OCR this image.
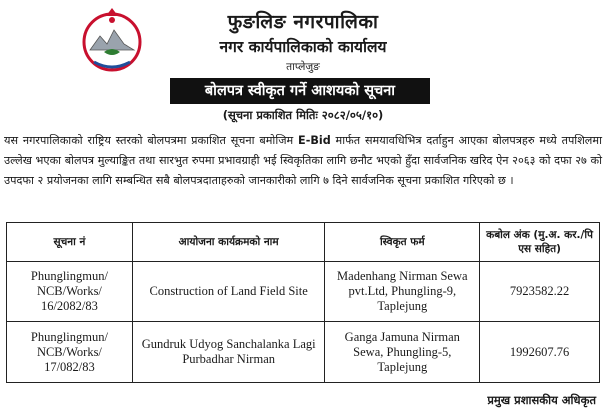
फुङलिङ नगरपालिका
नगर कार्यपालिकाको कार्यालय
ताप्लेजुङ
बोलपत्र स्वीकृत गर्ने आशयको सूचना
(सूचना प्रकाशित मितिः २०८२/०५/१०)
यस नगरपालिकाको राष्ट्रिय स्तरको बोलपत्रमा प्रकाशित सूचना बमोजिम E-Bid मार्फत समयावधिभित्र दर्ताहुन आएका बोलपत्रहरु मध्ये तपशिलमा उल्लेख भएका बोलपत्र मुल्याङ्कित तथा सारभुत रुपमा प्रभावग्राही भई स्विकृतिका लागि छनौट भएको हुँदा सार्वजनिक खरिद ऐन २०६३ को दफा २७ को उपदफा २ प्रयोजनका लागि सम्बन्धित सबै बोलपत्रदाताहरुको जानकारीको लागि ७ दिने सार्वजनिक सूचना प्रकाशित गरिएको छ ।
सूचना नं	आयोजना कार्यक्रमको नाम	स्विकृत फर्म	कबोल अंक (मु.अ. कर./पि एस सहित)
Phunglingmun/ NCB/Works/ 16/2082/83	Construction of Land Field Site	Madenhang Nirman Sewa pvt.Ltd, Phungling-9, Taplejung	7923582.22
Phunglingmun/ NCB/Works/ 17/082/83	Gundruk Udyog Sanchalanka Lagi Purbadhar Nirman	Ganga Jamuna Nirman Sewa, Phungling-5, Taplejung	1992607.76
प्रमुख प्रशासकीय अधिकृत
